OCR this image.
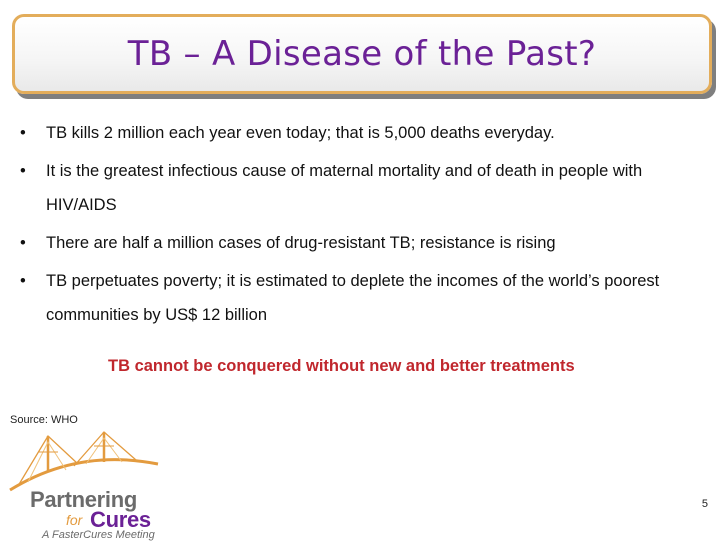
TB – A Disease of the Past?
• TB kills 2 million each year even today; that is 5,000 deaths everyday.
• It is the greatest infectious cause of maternal mortality and of death in people with HIV/AIDS
• There are half a million cases of drug-resistant TB; resistance is rising
• TB perpetuates poverty; it is estimated to deplete the incomes of the world’s poorest communities by US$ 12 billion
TB cannot be conquered without new and better treatments
Source: WHO
Partnering
for Cures
A FasterCures Meeting
5
